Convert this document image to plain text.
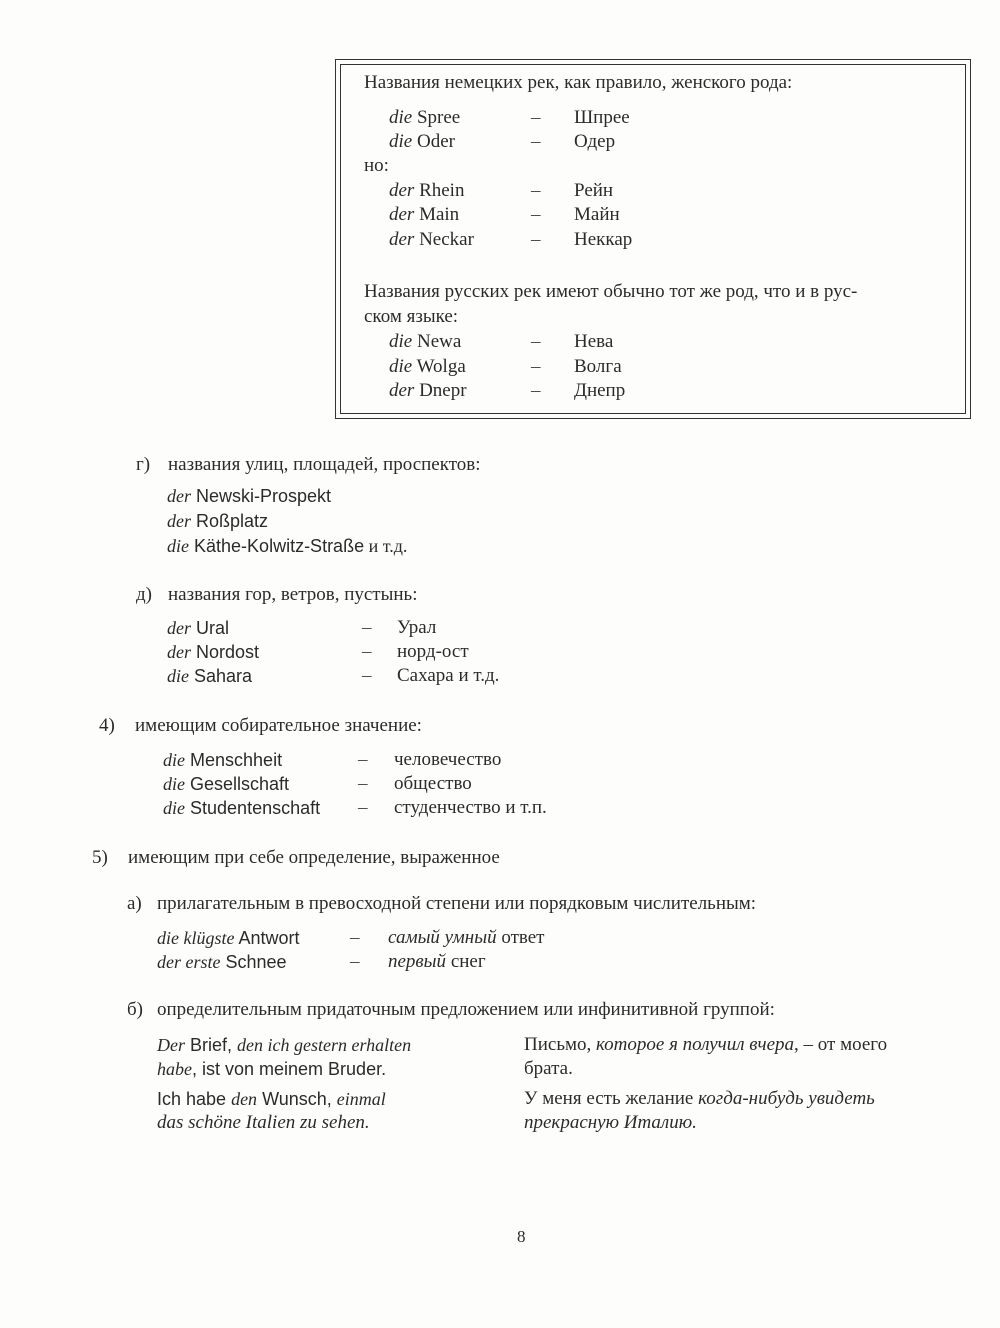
Названия немецких рек, как правило, женского рода:
die Spree	– Шпрее
die Oder	– Одер
но:
der Rhein	– Рейн
der Main	– Майн
der Neckar	– Неккар
Названия русских рек имеют обычно тот же род, что и в рус-
ском языке:
die Newa	– Нева
die Wolga	– Волга
der Dnepr	– Днепр
г) названия улиц, площадей, проспектов:
der Newski-Prospekt
der Roßplatz
die Käthe-Kolwitz-Straße и т.д.
д) названия гор, ветров, пустынь:
der Ural	– Урал
der Nordost	– норд-ост
die Sahara	– Сахара и т.д.
4) имеющим собирательное значение:
die Menschheit	– человечество
die Gesellschaft	– общество
die Studentenschaft – студенчество и т.п.
5) имеющим при себе определение, выраженное
а) прилагательным в превосходной степени или порядковым числительным:
die klügste Antwort	– самый умный ответ
der erste Schnee	– первый снег
б) определительным придаточным предложением или инфинитивной группой:
Der Brief, den ich gestern erhalten
habe, ist von meinem Bruder.
Письмо, которое я получил вчера, – от моего
брата.
Ich habe den Wunsch, einmal
das schöne Italien zu sehen.
У меня есть желание когда-нибудь увидеть
прекрасную Италию.
8
